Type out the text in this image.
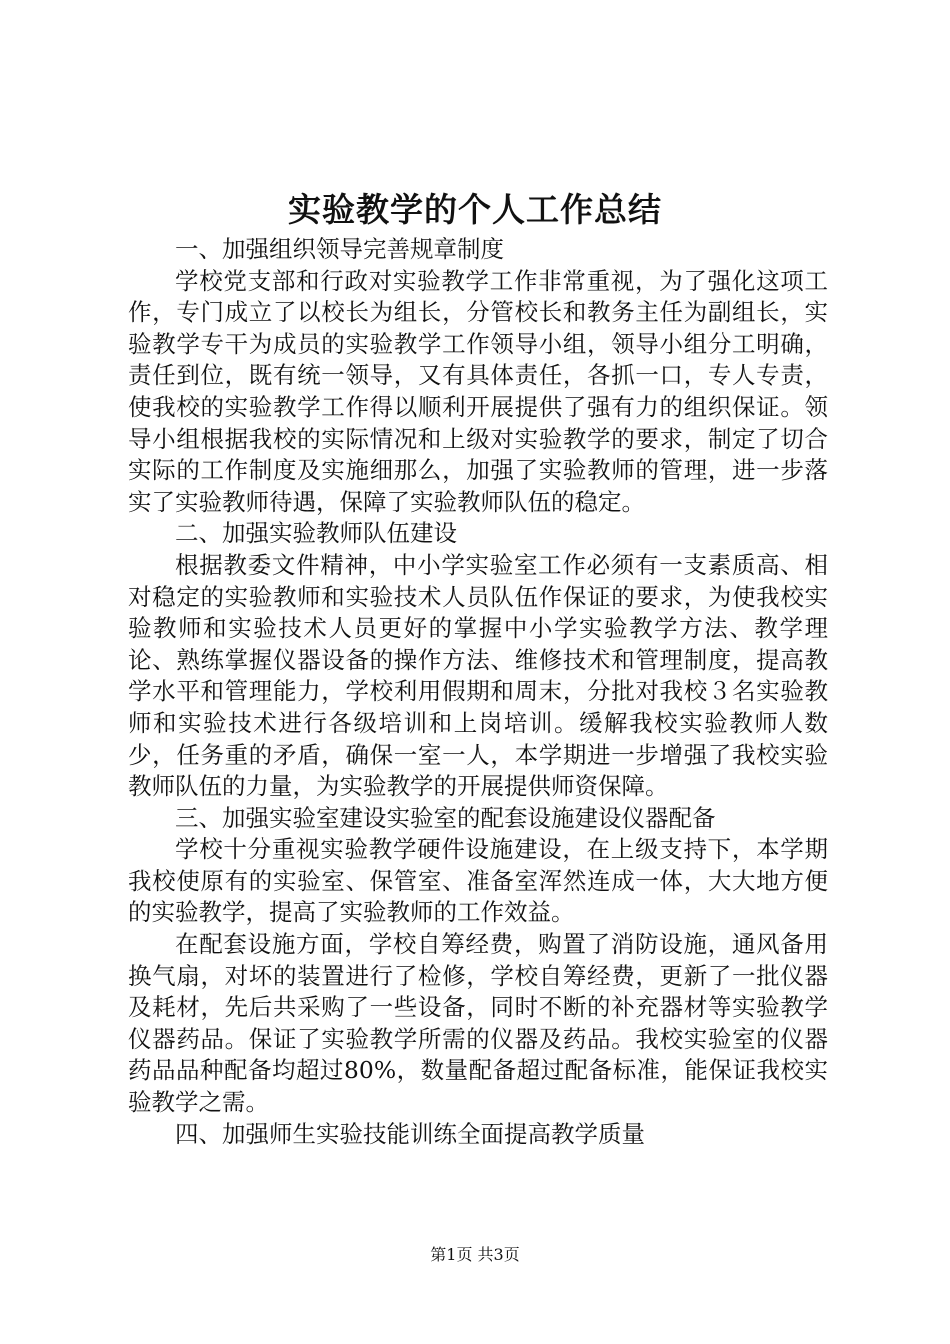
实验教学的个人工作总结

一、加强组织领导完善规章制度

学校党支部和行政对实验教学工作非常重视，为了强化这项工作，专门成立了以校长为组长，分管校长和教务主任为副组长，实验教学专干为成员的实验教学工作领导小组，领导小组分工明确，责任到位，既有统一领导，又有具体责任，各抓一口，专人专责，使我校的实验教学工作得以顺利开展提供了强有力的组织保证。领导小组根据我校的实际情况和上级对实验教学的要求，制定了切合实际的工作制度及实施细那么，加强了实验教师的管理，进一步落实了实验教师待遇，保障了实验教师队伍的稳定。

二、加强实验教师队伍建设

根据教委文件精神，中小学实验室工作必须有一支素质高、相对稳定的实验教师和实验技术人员队伍作保证的要求，为使我校实验教师和实验技术人员更好的掌握中小学实验教学方法、教学理论、熟练掌握仪器设备的操作方法、维修技术和管理制度，提高教学水平和管理能力，学校利用假期和周末，分批对我校３名实验教师和实验技术进行各级培训和上岗培训。缓解我校实验教师人数少，任务重的矛盾，确保一室一人，本学期进一步增强了我校实验教师队伍的力量，为实验教学的开展提供师资保障。

三、加强实验室建设实验室的配套设施建设仪器配备

学校十分重视实验教学硬件设施建设，在上级支持下，本学期我校使原有的实验室、保管室、准备室浑然连成一体，大大地方便的实验教学，提高了实验教师的工作效益。

在配套设施方面，学校自筹经费，购置了消防设施，通风备用换气扇，对坏的装置进行了检修，学校自筹经费，更新了一批仪器及耗材，先后共采购了一些设备，同时不断的补充器材等实验教学仪器药品。保证了实验教学所需的仪器及药品。我校实验室的仪器药品品种配备均超过80%，数量配备超过配备标准，能保证我校实验教学之需。

四、加强师生实验技能训练全面提高教学质量

第1页 共3页
